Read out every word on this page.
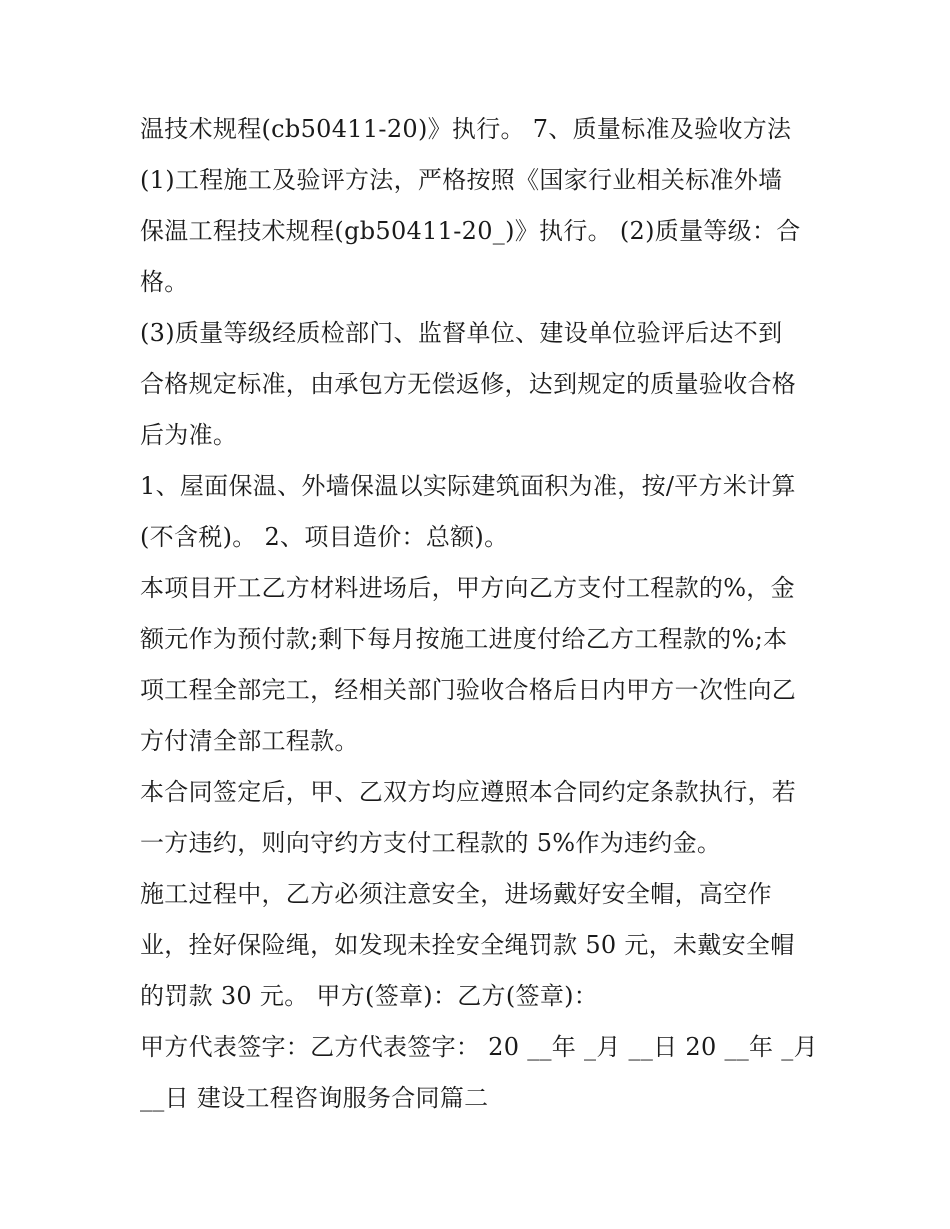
温技术规程(cb50411-20)》执行。 7、质量标准及验收方法
(1)工程施工及验评方法，严格按照《国家行业相关标准外墙
保温工程技术规程(gb50411-20_)》执行。 (2)质量等级：合
格。
(3)质量等级经质检部门、监督单位、建设单位验评后达不到
合格规定标准，由承包方无偿返修，达到规定的质量验收合格
后为准。
1、屋面保温、外墙保温以实际建筑面积为准，按/平方米计算
(不含税)。 2、项目造价：总额)。
本项目开工乙方材料进场后，甲方向乙方支付工程款的%，金
额元作为预付款;剩下每月按施工进度付给乙方工程款的%;本
项工程全部完工，经相关部门验收合格后日内甲方一次性向乙
方付清全部工程款。
本合同签定后，甲、乙双方均应遵照本合同约定条款执行，若
一方违约，则向守约方支付工程款的 5%作为违约金。
施工过程中，乙方必须注意安全，进场戴好安全帽，高空作
业，拴好保险绳，如发现未拴安全绳罚款 50 元，未戴安全帽
的罚款 30 元。 甲方(签章)：乙方(签章)：
甲方代表签字：乙方代表签字： 20 __年 _月 __日 20 __年 _月
__日 建设工程咨询服务合同篇二
